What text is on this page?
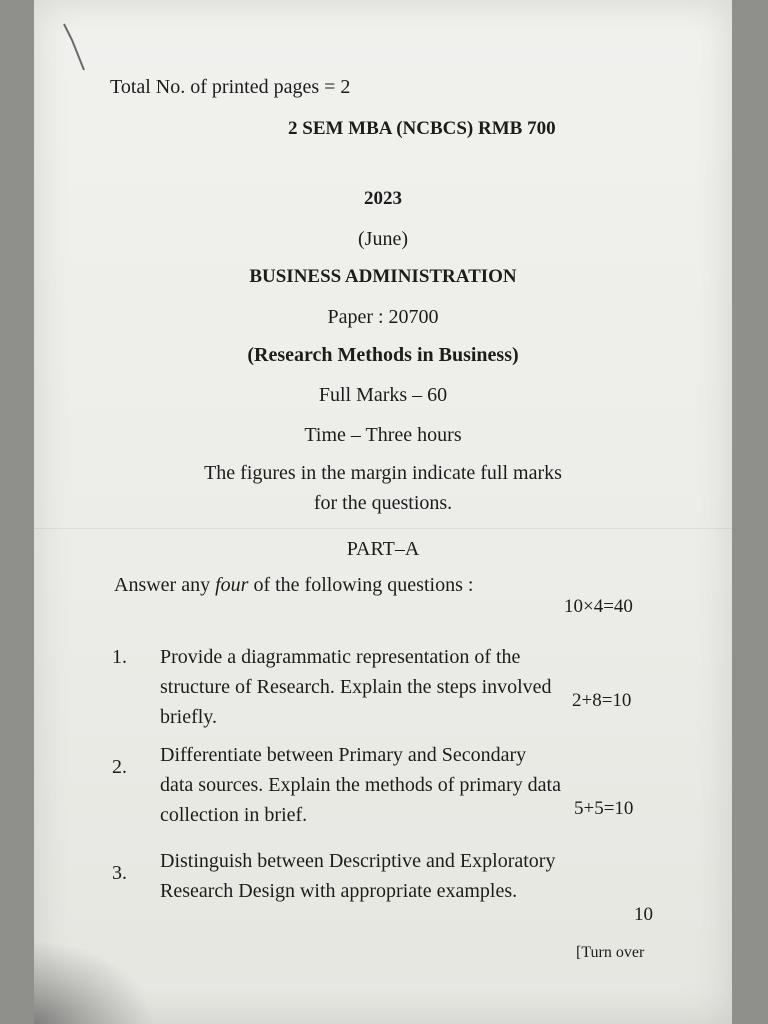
Total No. of printed pages = 2
2 SEM MBA (NCBCS) RMB 700
2023
(June)
BUSINESS ADMINISTRATION
Paper : 20700
(Research Methods in Business)
Full Marks – 60
Time – Three hours
The figures in the margin indicate full marks
for the questions.
PART–A
Answer any four of the following questions :
10×4=40
1. Provide a diagrammatic representation of the
structure of Research. Explain the steps involved
briefly.
2+8=10
2.
Differentiate between Primary and Secondary
data sources. Explain the methods of primary data
collection in brief.	5+5=10
3.
Distinguish between Descriptive and Exploratory
Research Design with appropriate examples.
10
[Turn over
